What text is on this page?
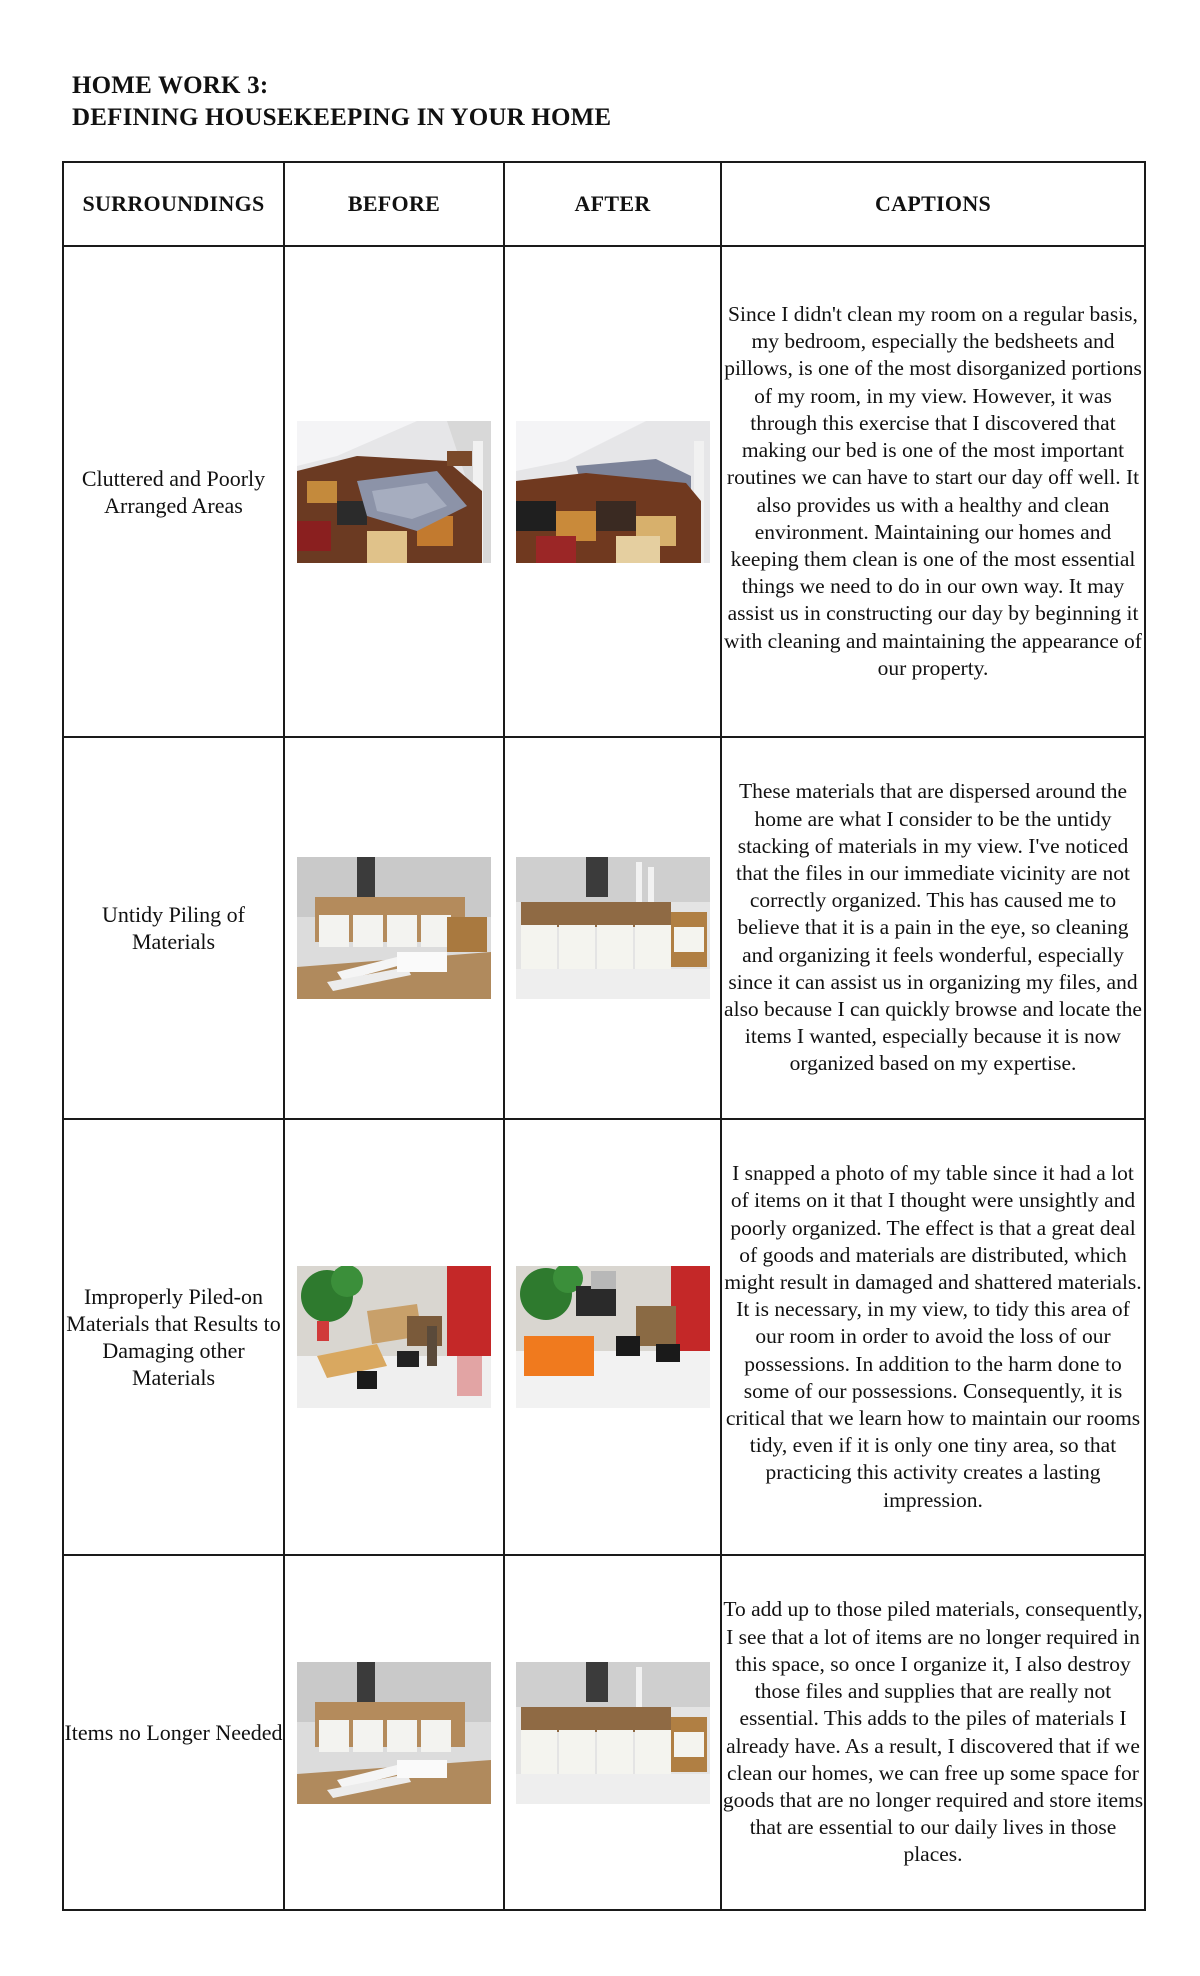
HOME WORK 3:
DEFINING HOUSEKEEPING IN YOUR HOME
SURROUNDINGS	BEFORE	AFTER	CAPTIONS
Cluttered and Poorly Arranged Areas			Since I didn't clean my room on a regular basis, my bedroom, especially the bedsheets and pillows, is one of the most disorganized portions of my room, in my view. However, it was through this exercise that I discovered that making our bed is one of the most important routines we can have to start our day off well. It also provides us with a healthy and clean environment. Maintaining our homes and keeping them clean is one of the most essential things we need to do in our own way. It may assist us in constructing our day by beginning it with cleaning and maintaining the appearance of our property.
Untidy Piling of Materials			These materials that are dispersed around the home are what I consider to be the untidy stacking of materials in my view. I've noticed that the files in our immediate vicinity are not correctly organized. This has caused me to believe that it is a pain in the eye, so cleaning and organizing it feels wonderful, especially since it can assist us in organizing my files, and also because I can quickly browse and locate the items I wanted, especially because it is now organized based on my expertise.
Improperly Piled-on Materials that Results to Damaging other Materials			I snapped a photo of my table since it had a lot of items on it that I thought were unsightly and poorly organized. The effect is that a great deal of goods and materials are distributed, which might result in damaged and shattered materials. It is necessary, in my view, to tidy this area of our room in order to avoid the loss of our possessions. In addition to the harm done to some of our possessions. Consequently, it is critical that we learn how to maintain our rooms tidy, even if it is only one tiny area, so that practicing this activity creates a lasting impression.
Items no Longer Needed			To add up to those piled materials, consequently, I see that a lot of items are no longer required in this space, so once I organize it, I also destroy those files and supplies that are really not essential. This adds to the piles of materials I already have. As a result, I discovered that if we clean our homes, we can free up some space for goods that are no longer required and store items that are essential to our daily lives in those places.
